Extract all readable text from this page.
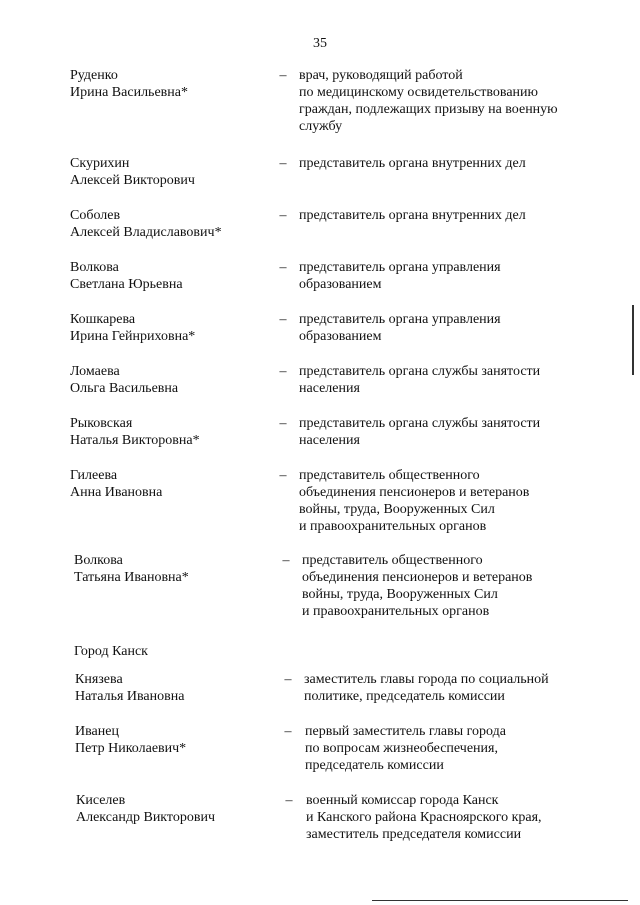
35
Руденко
Ирина Васильевна*
– врач, руководящий работой
по медицинскому освидетельствованию
граждан, подлежащих призыву на военную
службу
Скурихин
Алексей Викторович
– представитель органа внутренних дел
Соболев
Алексей Владиславович*
– представитель органа внутренних дел
Волкова
Светлана Юрьевна
– представитель органа управления
образованием
Кошкарева
Ирина Гейнриховна*
– представитель органа управления
образованием
Ломаева
Ольга Васильевна
– представитель органа службы занятости
населения
Рыковская
Наталья Викторовна*
– представитель органа службы занятости
населения
Гилеева
Анна Ивановна
– представитель общественного
объединения пенсионеров и ветеранов
войны, труда, Вооруженных Сил
и правоохранительных органов
Волкова
Татьяна Ивановна*
– представитель общественного
объединения пенсионеров и ветеранов
войны, труда, Вооруженных Сил
и правоохранительных органов
Город Канск
Князева
Наталья Ивановна
– заместитель главы города по социальной
политике, председатель комиссии
Иванец
Петр Николаевич*
– первый заместитель главы города
по вопросам жизнеобеспечения,
председатель комиссии
Киселев
Александр Викторович
– военный комиссар города Канск
и Канского района Красноярского края,
заместитель председателя комиссии
